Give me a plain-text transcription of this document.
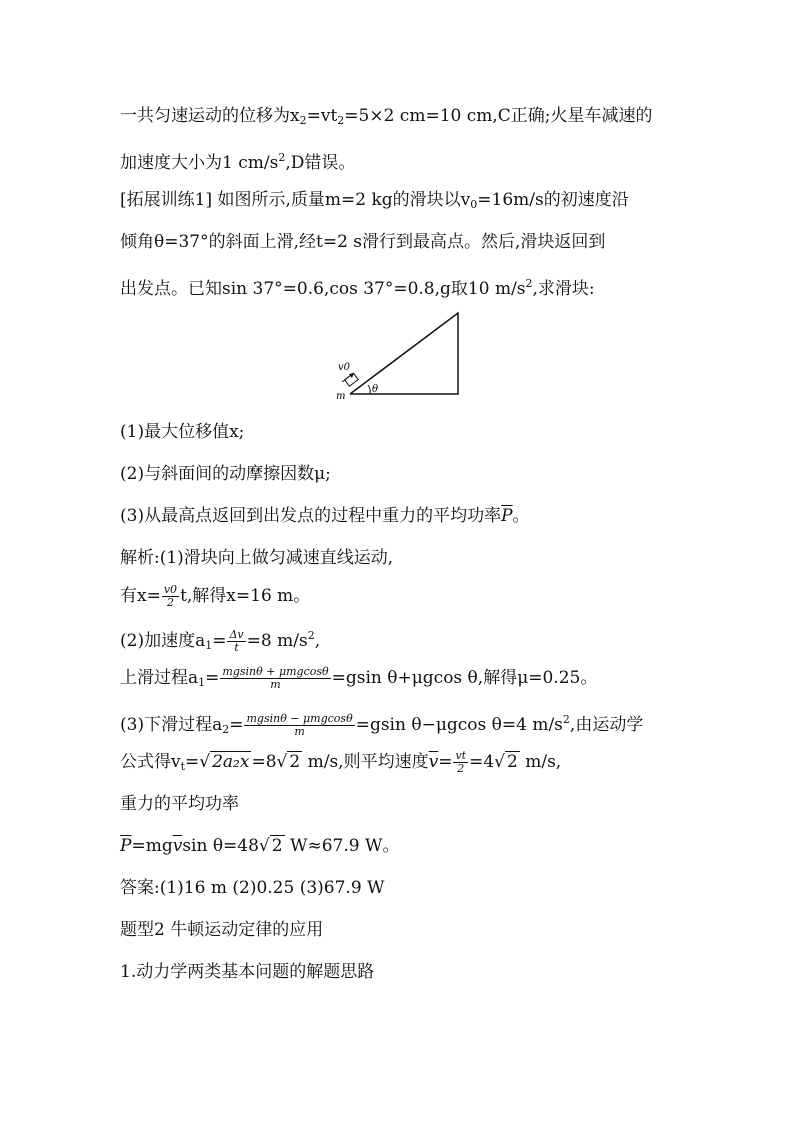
一共匀速运动的位移为$x_2=vt_2=5\times 2$ cm=10 cm,C正确;火星车减速的
加速度大小为1 $cm/s^2,D$错误。
[拓展训练1] 如图所示,质量m=2 kg的滑块以$v_0=16m/s$的初速度沿
倾角θ=37°的斜面上滑,经t=2 s滑行到最高点。然后,滑块返回到
出发点。已知sin 37°=0.6,cos 37°=0.8,g取10 $m/s^2$,求滑块:
v0
m
θ
(1)最大位移值x;
(2)与斜面间的动摩擦因数μ;
(3)从最高点返回到出发点的过程中重力的平均功率$\overline{P}$。
解析:(1)滑块向上做匀减速直线运动,
有$x= \frac{v0}{2} t$,解得x=16 m。
(2)加速度$a_1= \frac{\Delta v}{t} =8$ $m/s^2$,
上滑过程$a_1= \frac{\text{mgsinθ + μmgcosθ}}{m} =gsin$ θ+μgcos θ,解得μ=0.25。
(3)下滑过程$a_2= \frac{\text{mgsinθ − μmgcosθ}}{m} =gsin$ θ−μgcos θ=4 $m/s^2$,由运动学
公式得$v_t=√$ 2a₂x =8√ 2 m/s,则平均速度$\overline{v}= \frac{vt}{2} =4√$ 2 m/s,
重力的平均功率
$\overline{P}=mg\overline{v}\sin$ θ=48√ 2 W≈67.9 W。
答案:(1)16 m (2)0.25 (3)67.9 W
题型2 牛顿运动定律的应用
1.动力学两类基本问题的解题思路
